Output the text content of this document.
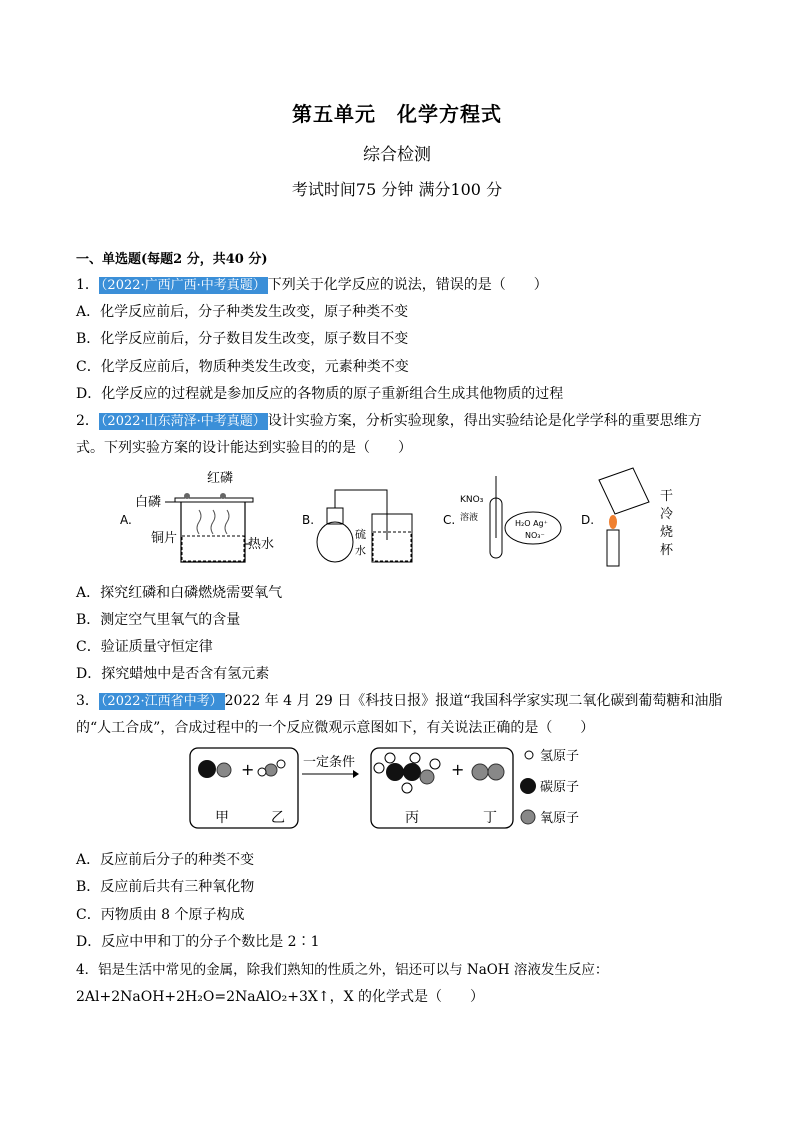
第五单元　化学方程式
综合检测
考试时间75 分钟 满分100 分
一、单选题(每题2 分，共40 分)
1． （2022·广西广西·中考真题） 下列关于化学反应的说法，错误的是（　　）
A．化学反应前后，分子种类发生改变，原子种类不变
B．化学反应前后，分子数目发生改变，原子数目不变
C．化学反应前后，物质种类发生改变，元素种类不变
D．化学反应的过程就是参加反应的各物质的原子重新组合生成其他物质的过程
2． （2022·山东菏泽·中考真题） 设计实验方案，分析实验现象，得出实验结论是化学学科的重要思维方
式。下列实验方案的设计能达到实验目的的是（　　）
A.
红磷
白磷
铜片	热水
B.
硫
水
C.
KNO₃
溶液
H₂O Ag⁺
NO₃⁻
D.
干
冷
烧
杯
A．探究红磷和白磷燃烧需要氧气
B．测定空气里氧气的含量
C．验证质量守恒定律
D．探究蜡烛中是否含有氢元素
3． （2022·江西省中考） 2022 年 4 月 29 日《科技日报》报道“我国科学家实现二氧化碳到葡萄糖和油脂
的“人工合成”，合成过程中的一个反应微观示意图如下，有关说法正确的是（　　）
+
甲	乙
一定条件	+
丙	丁
氢原子
碳原子
氧原子
A．反应前后分子的种类不变
B．反应前后共有三种氧化物
C．丙物质由 8 个原子构成
D．反应中甲和丁的分子个数比是 2∶1
4．铝是生活中常见的金属，除我们熟知的性质之外，铝还可以与 NaOH 溶液发生反应：
2Al+2NaOH+2H₂O=2NaAlO₂+3X↑，X 的化学式是（　　）
